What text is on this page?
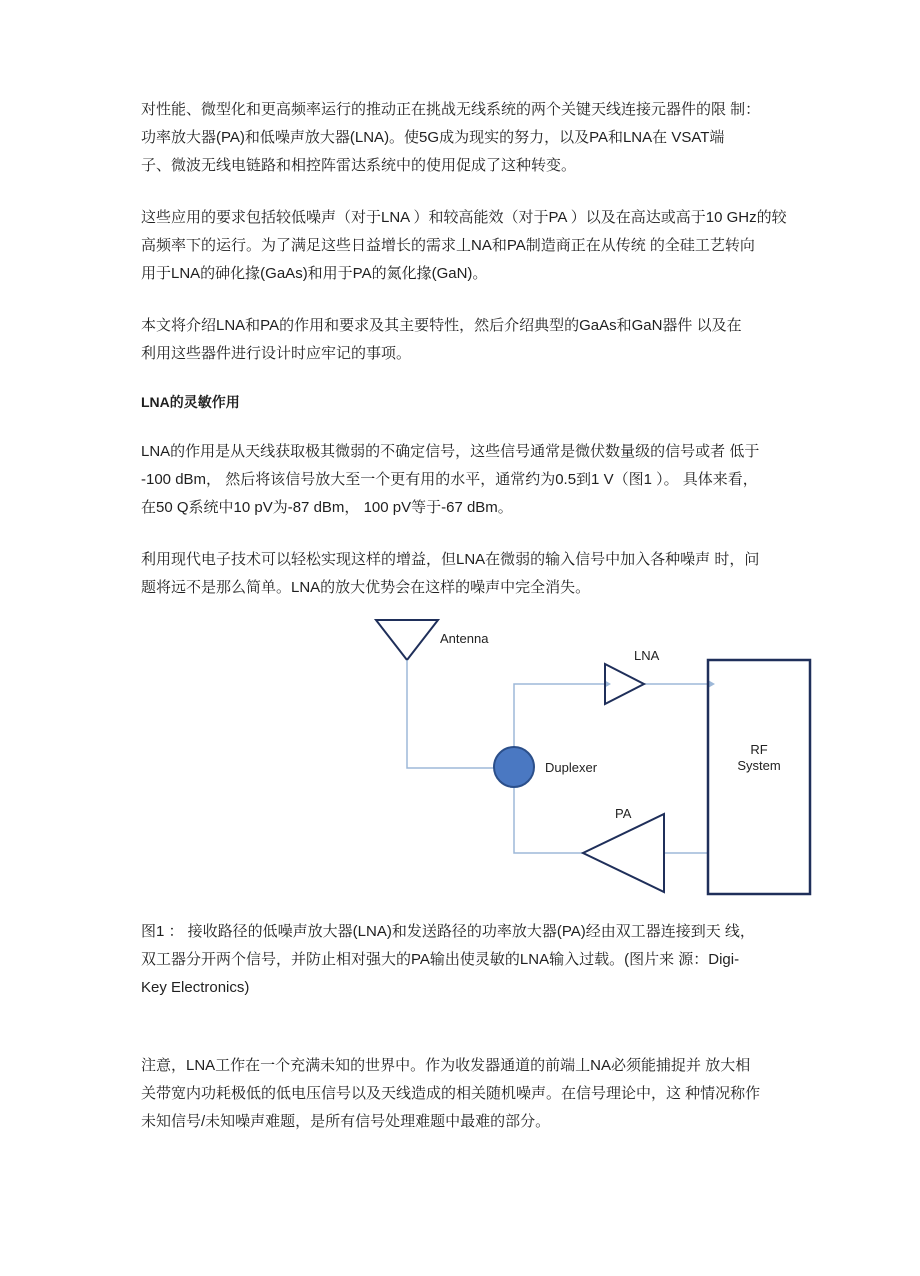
对性能、微型化和更高频率运行的推动正在挑战无线系统的两个关键天线连接元器件的限 制：
功率放大器(PA)和低噪声放大器(LNA)。使5G成为现实的努力，以及PA和LNA在 VSAT端
子、微波无线电链路和相控阵雷达系统中的使用促成了这种转变。

这些应用的要求包括较低噪声（对于LNA ）和较高能效（对于PA ）以及在高达或高于10 GHz的较
高频率下的运行。为了满足这些日益增长的需求丄NA和PA制造商正在从传统 的全硅工艺转向
用于LNA的砷化掾(GaAs)和用于PA的氮化掾(GaN)。

本文将介绍LNA和PA的作用和要求及其主要特性，然后介绍典型的GaAs和GaN器件 以及在
利用这些器件进行设计时应牢记的事项。

LNA的灵敏作用

LNA的作用是从天线获取极其微弱的不确定信号，这些信号通常是微伏数量级的信号或者 低于
-100 dBm， 然后将该信号放大至一个更有用的水平，通常约为0.5到1 V（图1 ）。 具体来看，
在50 Q系统中10 pV为-87 dBm， 100 pV等于-67 dBm。

利用现代电子技术可以轻松实现这样的增益，但LNA在微弱的输入信号中加入各种噪声 时，问
题将远不是那么简单。LNA的放大优势会在这样的噪声中完全消失。

Antenna
LNA
Duplexer
PA
RF
System

图1 ： 接收路径的低噪声放大器(LNA)和发送路径的功率放大器(PA)经由双工器连接到天 线，
双工器分开两个信号，并防止相对强大的PA输出使灵敏的LNA输入过载。(图片来 源：Digi-
Key Electronics)

注意，LNA工作在一个充满未知的世界中。作为收发器通道的前端丄NA必须能捕捉并 放大相
关带宽内功耗极低的低电压信号以及天线造成的相关随机噪声。在信号理论中，这 种情况称作
未知信号/未知噪声难题，是所有信号处理难题中最难的部分。
